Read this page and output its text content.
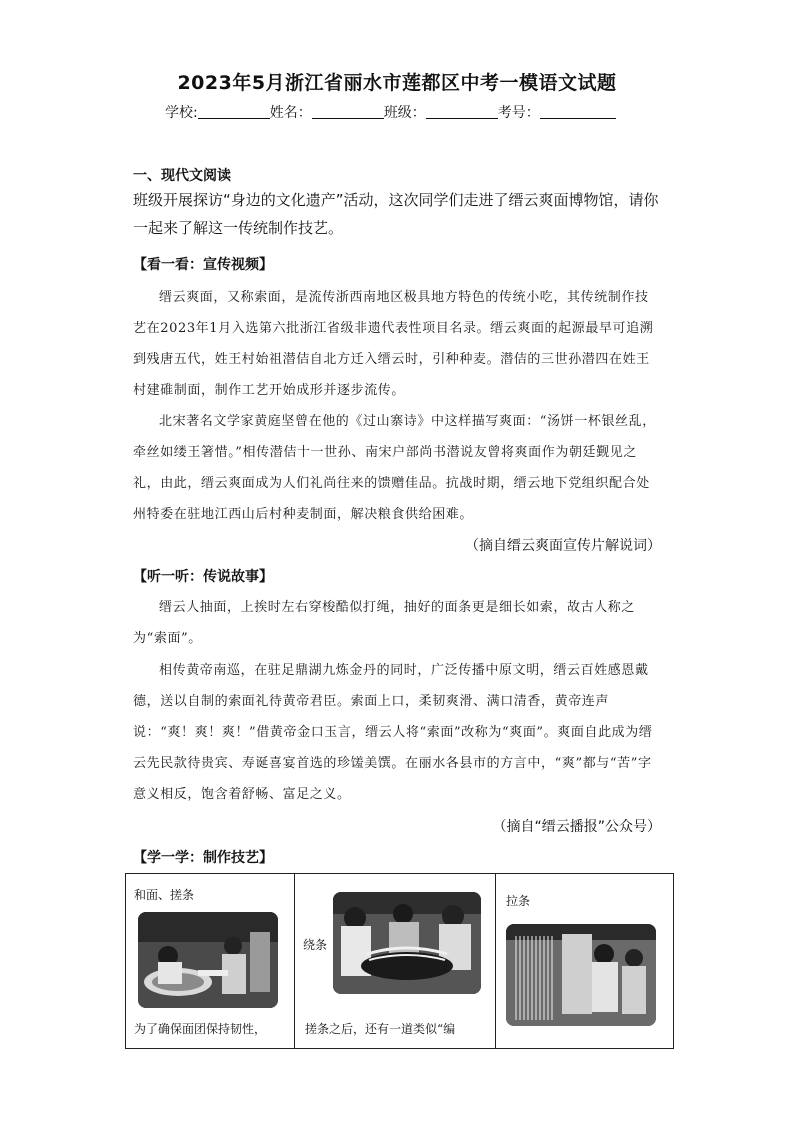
2023年5月浙江省丽水市莲都区中考一模语文试题
学校:	姓名：	班级：	考号：
一、现代文阅读
班级开展探访“身边的文化遗产”活动，这次同学们走进了缙云爽面博物馆，请你一起来了解这一传统制作技艺。
【看一看：宣传视频】
缙云爽面，又称索面，是流传浙西南地区极具地方特色的传统小吃，其传统制作技艺在2023年1月入选第六批浙江省级非遗代表性项目名录。缙云爽面的起源最早可追溯到残唐五代，姓王村始祖潜佶自北方迁入缙云时，引种种麦。潜佶的三世孙潜四在姓王村建碓制面，制作工艺开始成形并逐步流传。
北宋著名文学家黄庭坚曾在他的《过山寨诗》中这样描写爽面：“汤饼一杯银丝乱，牵丝如缕王箸惜。”相传潜佶十一世孙、南宋户部尚书潜说友曾将爽面作为朝廷觐见之礼，由此，缙云爽面成为人们礼尚往来的馈赠佳品。抗战时期，缙云地下党组织配合处州特委在驻地江西山后村种麦制面，解决粮食供给困难。
（摘自缙云爽面宣传片解说词）
【听一听：传说故事】
缙云人抽面，上挨时左右穿梭酷似打绳，抽好的面条更是细长如索，故古人称之为“索面”。
相传黄帝南巡，在驻足鼎湖九炼金丹的同时，广泛传播中原文明，缙云百姓感恩戴德，送以自制的索面礼待黄帝君臣。索面上口，柔韧爽滑、满口清香，黄帝连声说：“爽！爽！爽！”借黄帝金口玉言，缙云人将“索面”改称为“爽面”。爽面自此成为缙云先民款待贵宾、寿诞喜宴首选的珍馐美馔。在丽水各县市的方言中，“爽”都与“苦”字意义相反，饱含着舒畅、富足之义。
（摘自“缙云播报”公众号）
【学一学：制作技艺】
和面、搓条
为了确保面团保持韧性，

绕条
搓条之后，还有一道类似“编

拉条
